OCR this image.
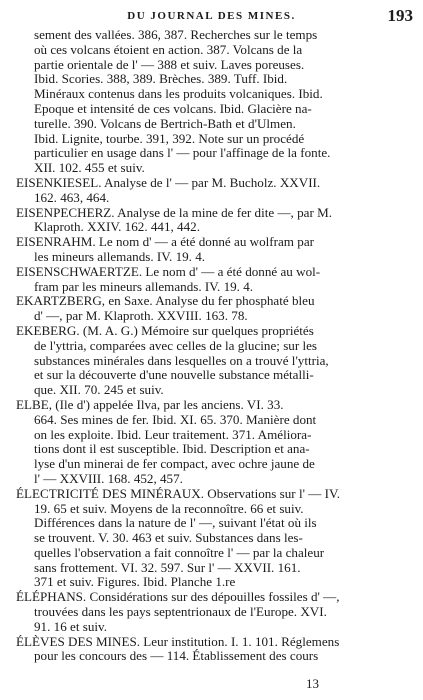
DU JOURNAL DES MINES.	193
sement des vallées. 386, 387. Recherches sur le temps
où ces volcans étoient en action. 387. Volcans de la
partie orientale de l' — 388 et suiv. Laves poreuses.
Ibid. Scories. 388, 389. Brèches. 389. Tuff. Ibid.
Minéraux contenus dans les produits volcaniques. Ibid.
Epoque et intensité de ces volcans. Ibid. Glacière na-
turelle. 390. Volcans de Bertrich-Bath et d'Ulmen.
Ibid. Lignite, tourbe. 391, 392. Note sur un procédé
particulier en usage dans l' — pour l'affinage de la fonte.
XII. 102. 455 et suiv.
EISENKIESEL. Analyse de l' — par M. Bucholz. XXVII.
162. 463, 464.
EISENPECHERZ. Analyse de la mine de fer dite —, par M.
Klaproth. XXIV. 162. 441, 442.
EISENRAHM. Le nom d' — a été donné au wolfram par
les mineurs allemands. IV. 19. 4.
EISENSCHWAERTZE. Le nom d' — a été donné au wol-
fram par les mineurs allemands. IV. 19. 4.
EKARTZBERG, en Saxe. Analyse du fer phosphaté bleu
d' —, par M. Klaproth. XXVIII. 163. 78.
EKEBERG. (M. A. G.) Mémoire sur quelques propriétés
de l'yttria, comparées avec celles de la glucine; sur les
substances minérales dans lesquelles on a trouvé l'yttria,
et sur la découverte d'une nouvelle substance métalli-
que. XII. 70. 245 et suiv.
ELBE, (Ile d') appelée Ilva, par les anciens. VI. 33.
664. Ses mines de fer. Ibid. XI. 65. 370. Manière dont
on les exploite. Ibid. Leur traitement. 371. Améliora-
tions dont il est susceptible. Ibid. Description et ana-
lyse d'un minerai de fer compact, avec ochre jaune de
l' — XXVIII. 168. 452, 457.
ÉLECTRICITÉ DES MINÉRAUX. Observations sur l' — IV.
19. 65 et suiv. Moyens de la reconnoître. 66 et suiv.
Différences dans la nature de l' —, suivant l'état où ils
se trouvent. V. 30. 463 et suiv. Substances dans les-
quelles l'observation a fait connoître l' — par la chaleur
sans frottement. VI. 32. 597. Sur l' — XXVII. 161.
371 et suiv. Figures. Ibid. Planche 1.re
ÉLÉPHANS. Considérations sur des dépouilles fossiles d' —,
trouvées dans les pays septentrionaux de l'Europe. XVI.
91. 16 et suiv.
ÉLÈVES DES MINES. Leur institution. I. 1. 101. Réglemens
pour les concours des — 114. Établissement des cours
13
